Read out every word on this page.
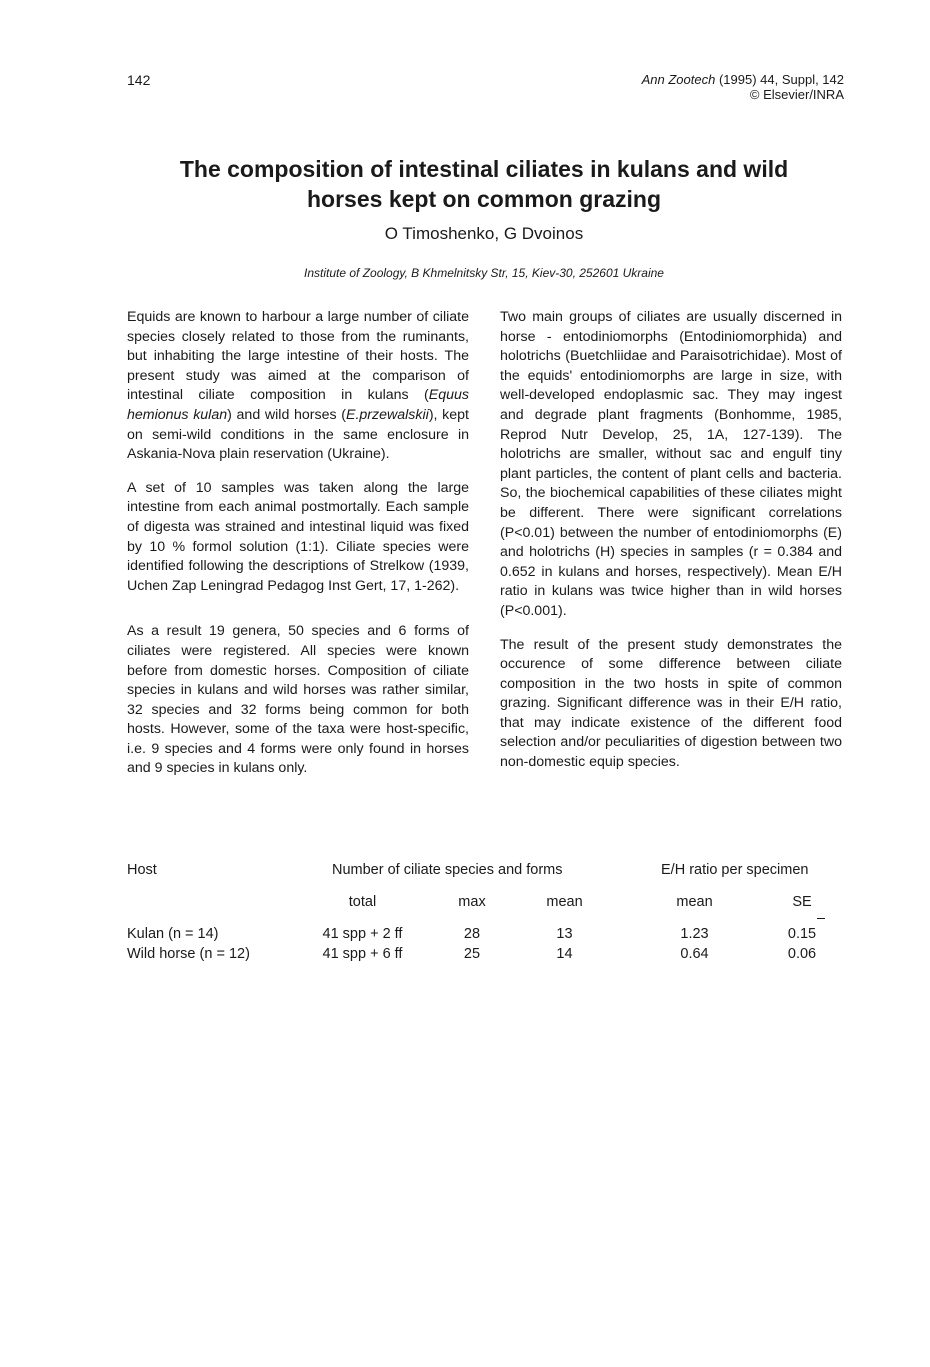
142	Ann Zootech (1995) 44, Suppl, 142
© Elsevier/INRA
The composition of intestinal ciliates in kulans and wild
horses kept on common grazing
O Timoshenko, G Dvoinos
Institute of Zoology, B Khmelnitsky Str, 15, Kiev-30, 252601 Ukraine

Equids are known to harbour a large number of ciliate species closely related to those from the ruminants, but inhabiting the large intestine of their hosts. The present study was aimed at the comparison of intestinal ciliate composition in kulans (Equus hemionus kulan) and wild horses (E.przewalskii), kept on semi-wild conditions in the same enclosure in Askania-Nova plain reservation (Ukraine).

A set of 10 samples was taken along the large intestine from each animal postmortally. Each sample of digesta was strained and intestinal liquid was fixed by 10 % formol solution (1:1). Ciliate species were identified following the descriptions of Strelkow (1939, Uchen Zap Leningrad Pedagog Inst Gert, 17, 1-262).

As a result 19 genera, 50 species and 6 forms of ciliates were registered. All species were known before from domestic horses. Composition of ciliate species in kulans and wild horses was rather similar, 32 species and 32 forms being common for both hosts. However, some of the taxa were host-specific, i.e. 9 species and 4 forms were only found in horses and 9 species in kulans only.

Two main groups of ciliates are usually discerned in horse - entodiniomorphs (Entodiniomorphida) and holotrichs (Buetchliidae and Paraisotrichidae). Most of the equids' entodiniomorphs are large in size, with well-developed endoplasmic sac. They may ingest and degrade plant fragments (Bonhomme, 1985, Reprod Nutr Develop, 25, 1A, 127-139). The holotrichs are smaller, without sac and engulf tiny plant particles, the content of plant cells and bacteria. So, the biochemical capabilities of these ciliates might be different. There were significant correlations (P<0.01) between the number of entodiniomorphs (E) and holotrichs (H) species in samples (r = 0.384 and 0.652 in kulans and horses, respectively). Mean E/H ratio in kulans was twice higher than in wild horses (P<0.001).

The result of the present study demonstrates the occurence of some difference between ciliate composition in the two hosts in spite of common grazing. Significant difference was in their E/H ratio, that may indicate existence of the different food selection and/or peculiarities of digestion between two non-domestic equip species.

Host	Number of ciliate species and forms	E/H ratio per specimen
total	max	mean	mean	SE
Kulan (n = 14)	41 spp + 2 ff	28	13	1.23	0.15
Wild horse (n = 12)	41 spp + 6 ff	25	14	0.64	0.06
